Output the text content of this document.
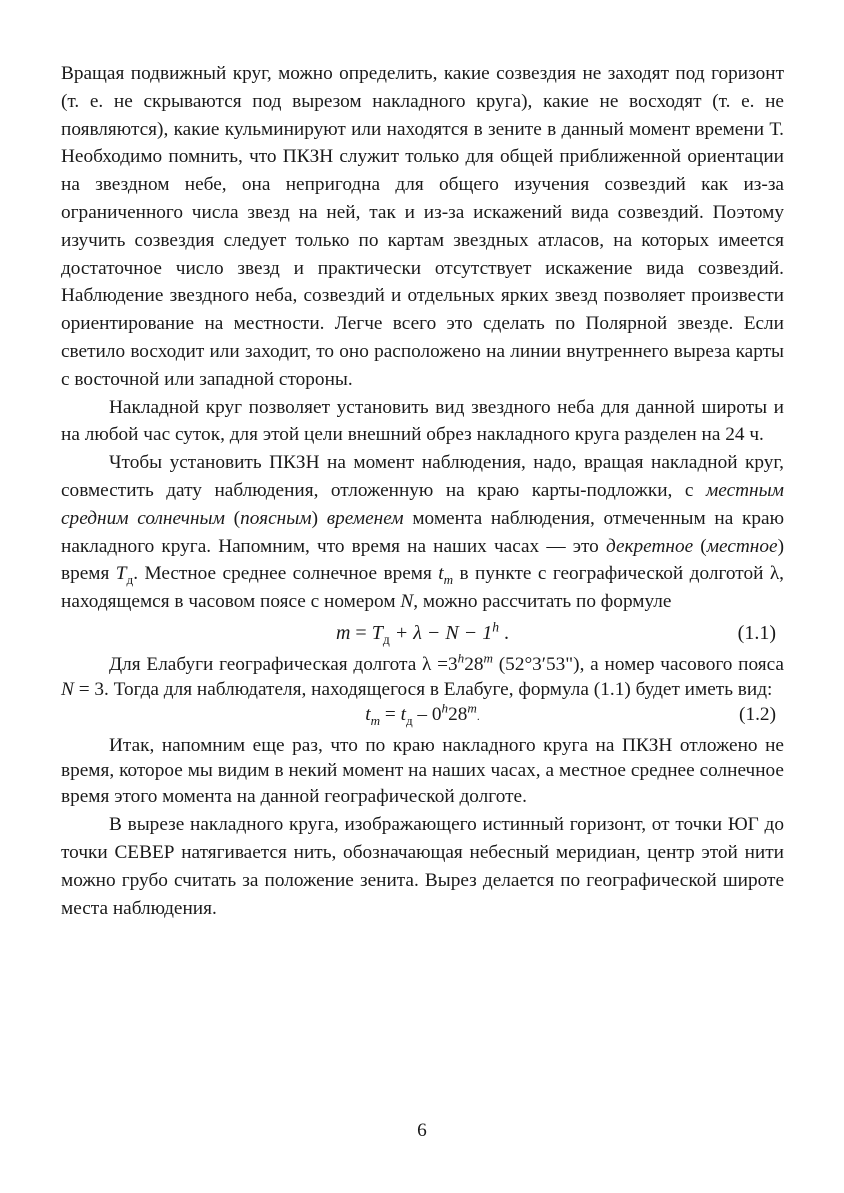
Вращая подвижный круг, можно определить, какие созвездия не заходят под горизонт (т. е. не скрываются под вырезом накладного круга), какие не восходят (т. е. не появляются), какие кульминируют или находятся в зените в данный момент времени Т. Необходимо помнить, что ПКЗН служит только для общей приближенной ориентации на звездном небе, она непригодна для общего изучения созвездий как из-за ограниченного числа звезд на ней, так и из-за искажений вида созвездий. Поэтому изучить созвездия следует только по картам звездных атласов, на которых имеется достаточное число звезд и практически отсутствует искажение вида созвездий. Наблюдение звездного неба, созвездий и отдельных ярких звезд позволяет произвести ориентирование на местности. Легче всего это сделать по Полярной звезде. Если светило восходит или заходит, то оно расположено на линии внутреннего выреза карты с восточной или западной стороны.

Накладной круг позволяет установить вид звездного неба для данной широты и на любой час суток, для этой цели внешний обрез накладного круга разделен на 24 ч.

Чтобы установить ПКЗН на момент наблюдения, надо, вращая накладной круг, совместить дату наблюдения, отложенную на краю карты-подложки, с местным средним солнечным (поясным) временем момента наблюдения, отмеченным на краю накладного круга. Напомним, что время на наших часах — это декретное (местное) время $T_д$. Местное среднее солнечное время $t_m$ в пункте с географической долготой λ, находящемся в часовом поясе с номером N, можно рассчитать по формуле

$m = T_д + \lambda - N - 1^h$ .	(1.1)

Для Елабуги географическая долгота $\lambda =3^h28^m$ (52°3′53"), а номер часового пояса N = 3. Тогда для наблюдателя, находящегося в Елабуге, формула (1.1) будет иметь вид:

$t_m = t_д - 0^h28^m$.	(1.2)

Итак, напомним еще раз, что по краю накладного круга на ПКЗН отложено не время, которое мы видим в некий момент на наших часах, а местное среднее солнечное время этого момента на данной географической долготе.

В вырезе накладного круга, изображающего истинный горизонт, от точки ЮГ до точки СЕВЕР натягивается нить, обозначающая небесный меридиан, центр этой нити можно грубо считать за положение зенита. Вырез делается по географической широте места наблюдения.

6
